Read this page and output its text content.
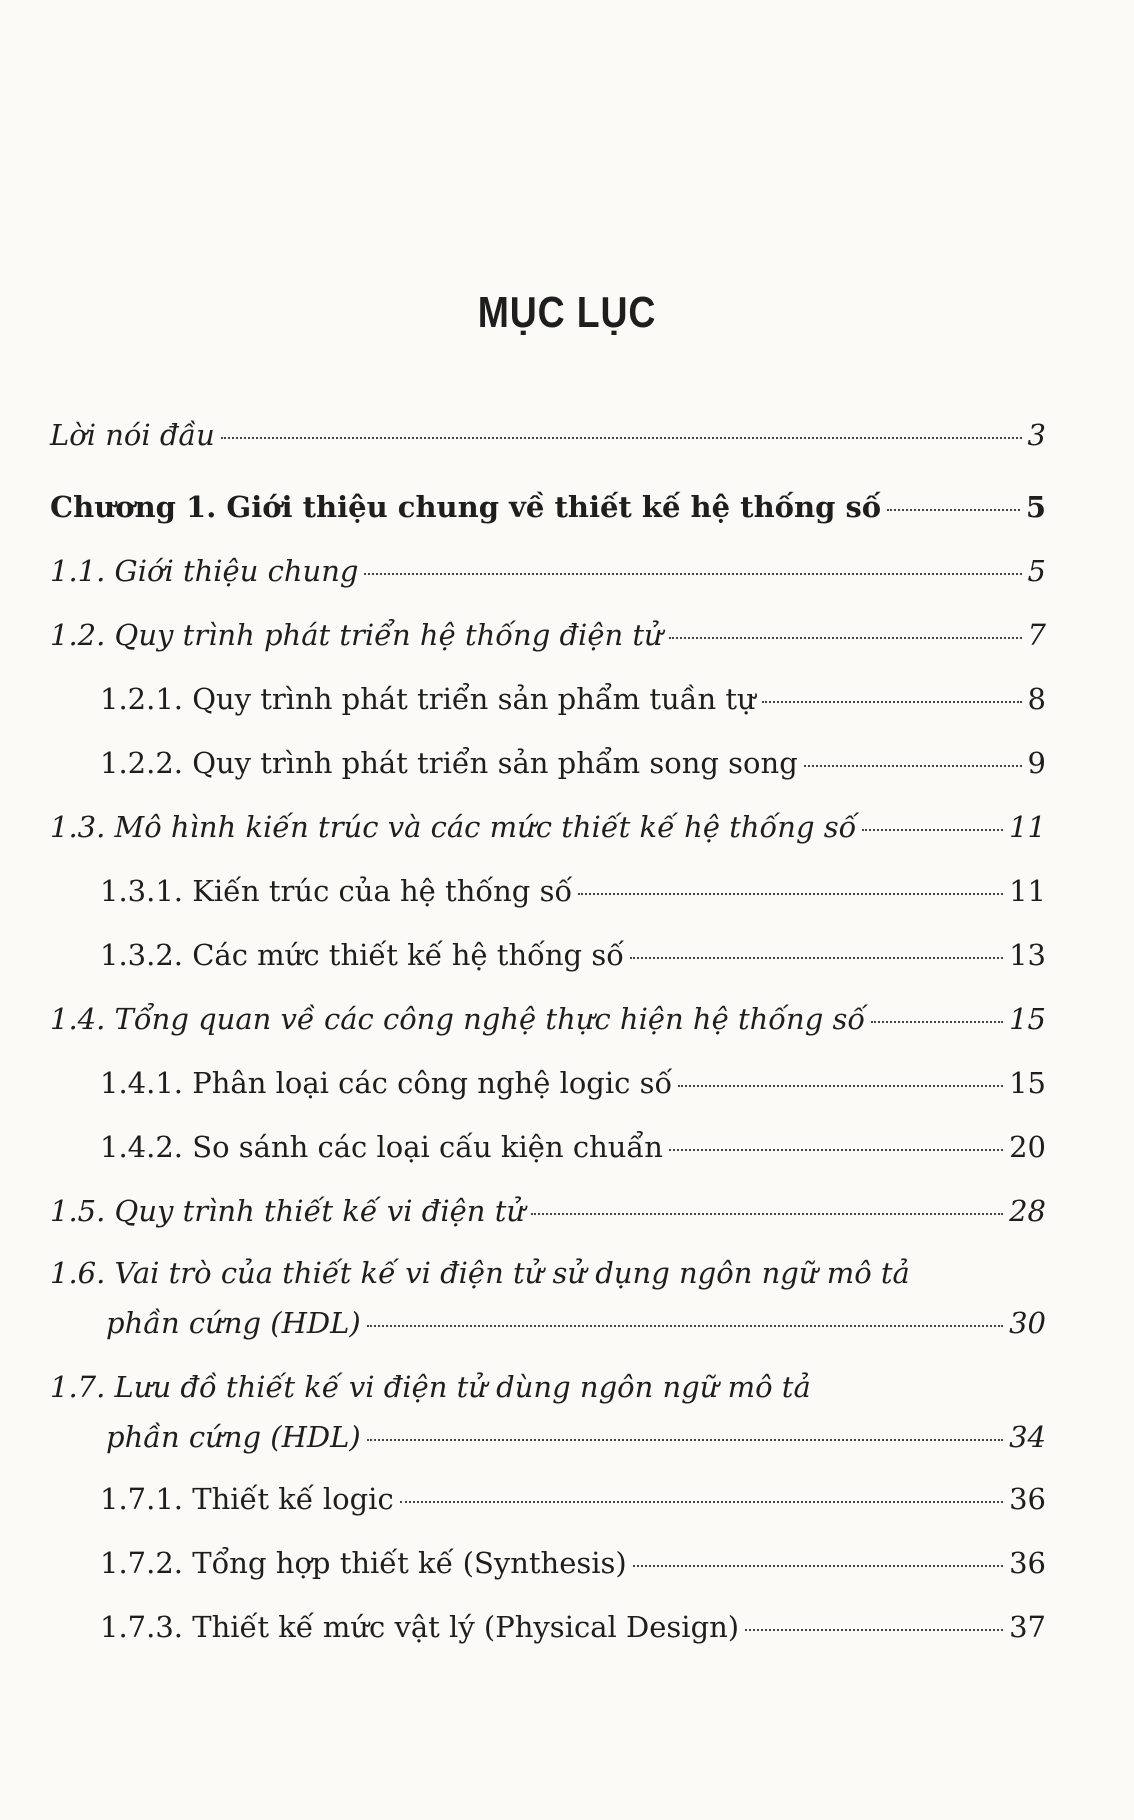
MỤC LỤC
Lời nói đầu	3
Chương 1. Giới thiệu chung về thiết kế hệ thống số	5
1.1. Giới thiệu chung	5
1.2. Quy trình phát triển hệ thống điện tử	7
1.2.1. Quy trình phát triển sản phẩm tuần tự	8
1.2.2. Quy trình phát triển sản phẩm song song	9
1.3. Mô hình kiến trúc và các mức thiết kế hệ thống số	11
1.3.1. Kiến trúc của hệ thống số	11
1.3.2. Các mức thiết kế hệ thống số	13
1.4. Tổng quan về các công nghệ thực hiện hệ thống số	15
1.4.1. Phân loại các công nghệ logic số	15
1.4.2. So sánh các loại cấu kiện chuẩn	20
1.5. Quy trình thiết kế vi điện tử	28
1.6. Vai trò của thiết kế vi điện tử sử dụng ngôn ngữ mô tả
phần cứng (HDL)	30
1.7. Lưu đồ thiết kế vi điện tử dùng ngôn ngữ mô tả
phần cứng (HDL)	34
1.7.1. Thiết kế logic	36
1.7.2. Tổng hợp thiết kế (Synthesis)	36
1.7.3. Thiết kế mức vật lý (Physical Design)	37
